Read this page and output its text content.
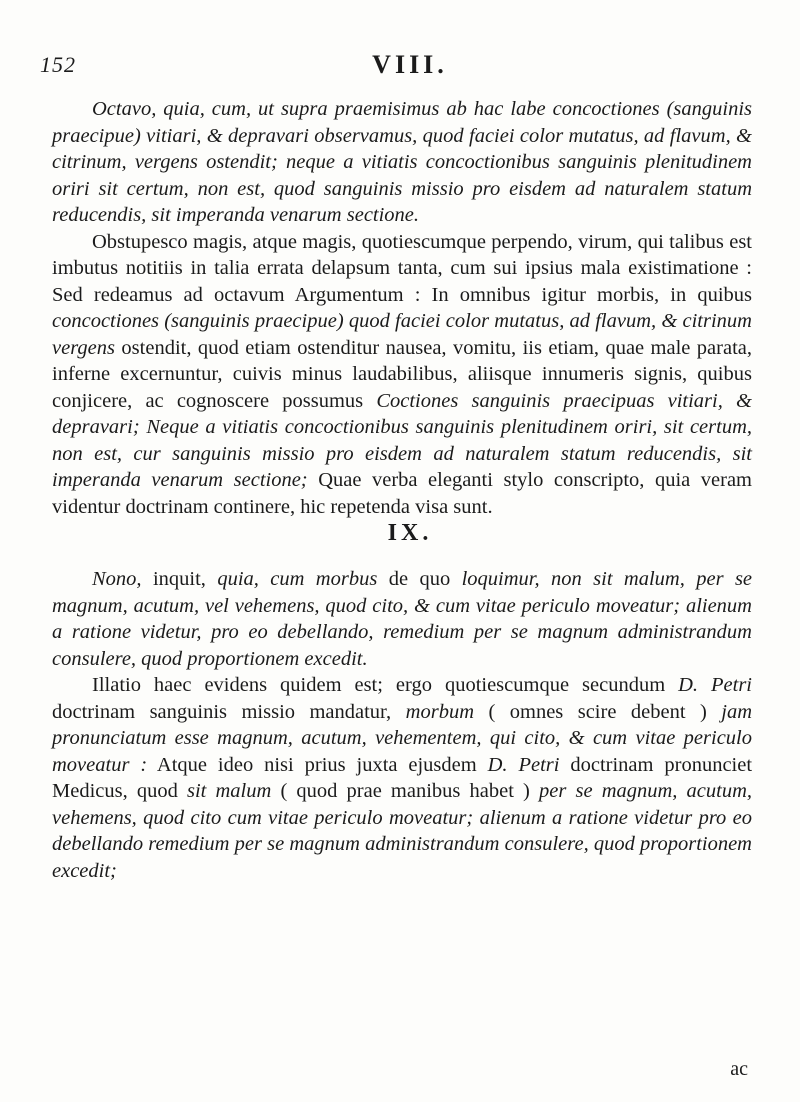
152	VIII.

Octavo, quia, cum, ut supra praemisimus ab hac labe concoctiones (sanguinis praecipue) vitiari, & depravari observamus, quod faciei color mutatus, ad flavum, & citrinum, vergens ostendit; neque a vitiatis concoctionibus sanguinis plenitudinem oriri sit certum, non est, quod sanguinis missio pro eisdem ad naturalem statum reducendis, sit imperanda venarum sectione.

Obstupesco magis, atque magis, quotiescumque perpendo, virum, qui talibus est imbutus notitiis in talia errata delapsum tanta, cum sui ipsius mala existimatione : Sed redeamus ad octavum Argumentum : In omnibus igitur morbis, in quibus concoctiones (sanguinis praecipue) quod faciei color mutatus, ad flavum, & citrinum vergens ostendit, quod etiam ostenditur nausea, vomitu, iis etiam, quae male parata, inferne excernuntur, cuivis minus laudabilibus, aliisque innumeris signis, quibus conjicere, ac cognoscere possumus Coctiones sanguinis praecipuas vitiari, & depravari; Neque a vitiatis concoctionibus sanguinis plenitudinem oriri, sit certum, non est, cur sanguinis missio pro eisdem ad naturalem statum reducendis, sit imperanda venarum sectione; Quae verba eleganti stylo conscripto, quia veram videntur doctrinam continere, hic repetenda visa sunt.

IX.

Nono, inquit, quia, cum morbus de quo loquimur, non sit malum, per se magnum, acutum, vel vehemens, quod cito, & cum vitae periculo moveatur; alienum a ratione videtur, pro eo debellando, remedium per se magnum administrandum consulere, quod proportionem excedit.

Illatio haec evidens quidem est; ergo quotiescumque secundum D. Petri doctrinam sanguinis missio mandatur, morbum ( omnes scire debent ) jam pronunciatum esse magnum, acutum, vehementem, qui cito, & cum vitae periculo moveatur : Atque ideo nisi prius juxta ejusdem D. Petri doctrinam pronunciet Medicus, quod sit malum ( quod prae manibus habet ) per se magnum, acutum, vehemens, quod cito cum vitae periculo moveatur; alienum a ratione videtur pro eo debellando remedium per se magnum administrandum consulere, quod proportionem excedit;

ac
